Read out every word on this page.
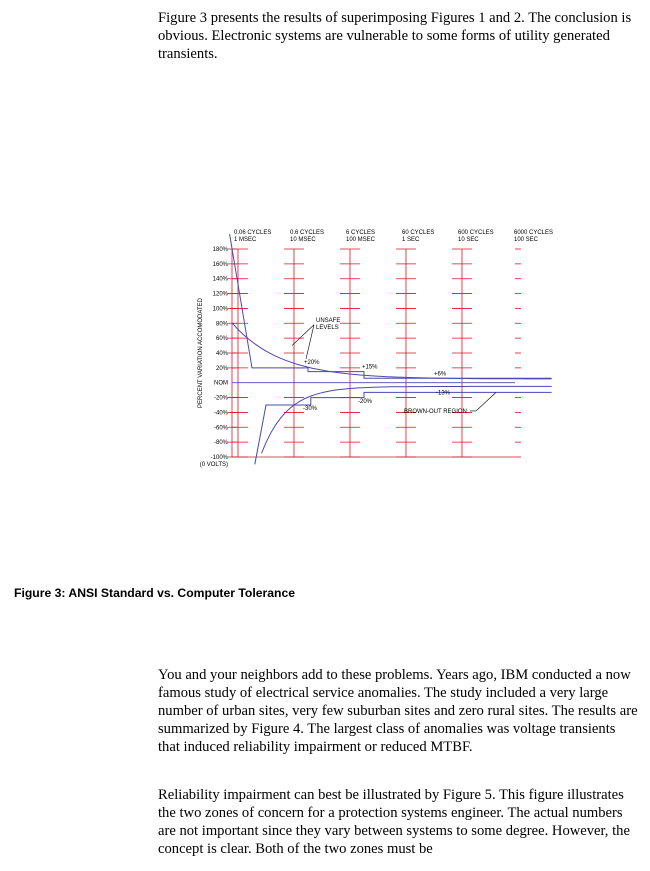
Figure 3 presents the results of superimposing Figures 1 and 2. The conclusion is obvious. Electronic systems are vulnerable to some forms of utility generated transients.

180%
160%
140%
120%
100%
80%
60%
40%
20%
NOM
-20%
-40%
-60%
-80%
-100%
(0 VOLTS)
PERCENT VARIATION ACCOMODATED
0.06 CYCLES
1 MSEC
0.6 CYCLES
10 MSEC
6 CYCLES
100 MSEC
60 CYCLES
1 SEC
600 CYCLES
10 SEC
6000 CYCLES
100 SEC
UNSAFE
LEVELS
+20%
+15%
+6%
-30%
-20%
-13%
BROWN-OUT REGION
Figure 3: ANSI Standard vs. Computer Tolerance

You and your neighbors add to these problems. Years ago, IBM conducted a now famous study of electrical service anomalies. The study included a very large number of urban sites, very few suburban sites and zero rural sites. The results are summarized by Figure 4. The largest class of anomalies was voltage transients that induced reliability impairment or reduced MTBF.

Reliability impairment can best be illustrated by Figure 5. This figure illustrates the two zones of concern for a protection systems engineer. The actual numbers are not important since they vary between systems to some degree. However, the concept is clear. Both of the two zones must be
